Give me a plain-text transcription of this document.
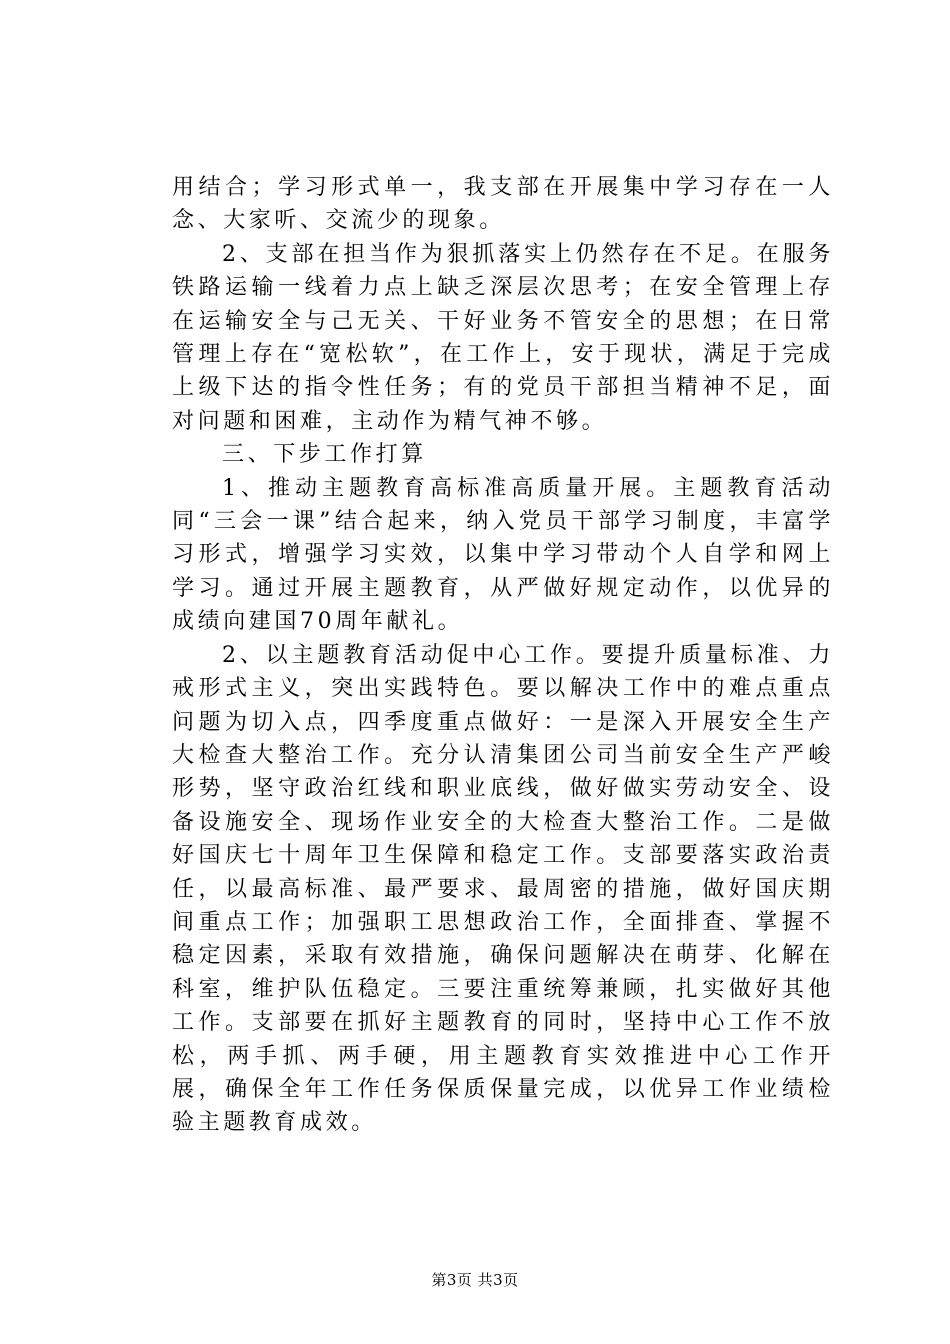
用结合；学习形式单一，我支部在开展集中学习存在一人念、大家听、交流少的现象。

2、支部在担当作为狠抓落实上仍然存在不足。在服务铁路运输一线着力点上缺乏深层次思考；在安全管理上存在运输安全与己无关、干好业务不管安全的思想；在日常管理上存在“宽松软”，在工作上，安于现状，满足于完成上级下达的指令性任务；有的党员干部担当精神不足，面对问题和困难，主动作为精气神不够。

三、下步工作打算

1、推动主题教育高标准高质量开展。主题教育活动同“三会一课”结合起来，纳入党员干部学习制度，丰富学习形式，增强学习实效，以集中学习带动个人自学和网上学习。通过开展主题教育，从严做好规定动作，以优异的成绩向建国70周年献礼。

2、以主题教育活动促中心工作。要提升质量标准、力戒形式主义，突出实践特色。要以解决工作中的难点重点问题为切入点，四季度重点做好：一是深入开展安全生产大检查大整治工作。充分认清集团公司当前安全生产严峻形势，坚守政治红线和职业底线，做好做实劳动安全、设备设施安全、现场作业安全的大检查大整治工作。二是做好国庆七十周年卫生保障和稳定工作。支部要落实政治责任，以最高标准、最严要求、最周密的措施，做好国庆期间重点工作；加强职工思想政治工作，全面排查、掌握不稳定因素，采取有效措施，确保问题解决在萌芽、化解在科室，维护队伍稳定。三要注重统筹兼顾，扎实做好其他工作。支部要在抓好主题教育的同时，坚持中心工作不放松，两手抓、两手硬，用主题教育实效推进中心工作开展，确保全年工作任务保质保量完成，以优异工作业绩检验主题教育成效。

第3页 共3页
